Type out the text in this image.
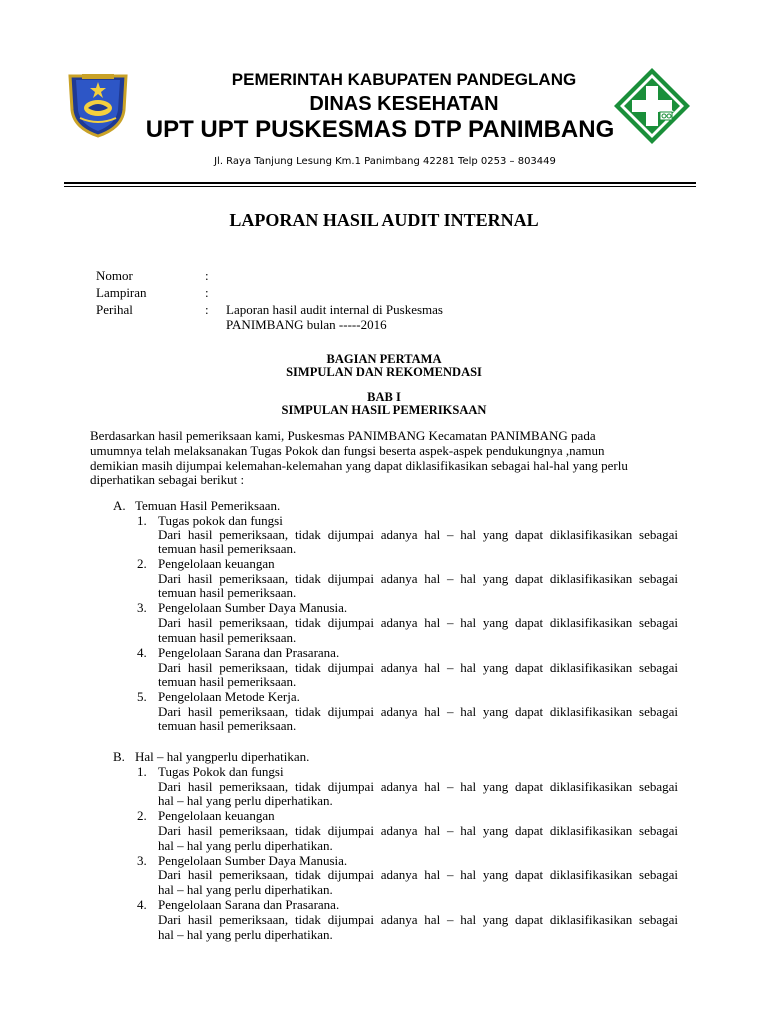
PEMERINTAH KABUPATEN PANDEGLANG
DINAS KESEHATAN
UPT UPT PUSKESMAS DTP PANIMBANG
Jl. Raya Tanjung Lesung Km.1 Panimbang 42281 Telp 0253 – 803449
LAPORAN HASIL AUDIT INTERNAL
Nomor	:
Lampiran	:
Perihal	: Laporan hasil audit internal di Puskesmas
PANIMBANG bulan -----2016
BAGIAN PERTAMA
SIMPULAN DAN REKOMENDASI
BAB I
SIMPULAN HASIL PEMERIKSAAN
Berdasarkan hasil pemeriksaan kami, Puskesmas PANIMBANG Kecamatan PANIMBANG pada
umumnya telah melaksanakan Tugas Pokok dan fungsi beserta aspek-aspek pendukungnya ,namun
demikian masih dijumpai kelemahan-kelemahan yang dapat diklasifikasikan sebagai hal-hal yang perlu
diperhatikan sebagai berikut :
A. Temuan Hasil Pemeriksaan.
1. Tugas pokok dan fungsi
Dari hasil pemeriksaan, tidak dijumpai adanya hal – hal yang dapat diklasifikasikan sebagai
temuan hasil pemeriksaan.
2. Pengelolaan keuangan
Dari hasil pemeriksaan, tidak dijumpai adanya hal – hal yang dapat diklasifikasikan sebagai
temuan hasil pemeriksaan.
3. Pengelolaan Sumber Daya Manusia.
Dari hasil pemeriksaan, tidak dijumpai adanya hal – hal yang dapat diklasifikasikan sebagai
temuan hasil pemeriksaan.
4. Pengelolaan Sarana dan Prasarana.
Dari hasil pemeriksaan, tidak dijumpai adanya hal – hal yang dapat diklasifikasikan sebagai
temuan hasil pemeriksaan.
5. Pengelolaan Metode Kerja.
Dari hasil pemeriksaan, tidak dijumpai adanya hal – hal yang dapat diklasifikasikan sebagai
temuan hasil pemeriksaan.
B. Hal – hal yangperlu diperhatikan.
1. Tugas Pokok dan fungsi
Dari hasil pemeriksaan, tidak dijumpai adanya hal – hal yang dapat diklasifikasikan sebagai
hal – hal yang perlu diperhatikan.
2. Pengelolaan keuangan
Dari hasil pemeriksaan, tidak dijumpai adanya hal – hal yang dapat diklasifikasikan sebagai
hal – hal yang perlu diperhatikan.
3. Pengelolaan Sumber Daya Manusia.
Dari hasil pemeriksaan, tidak dijumpai adanya hal – hal yang dapat diklasifikasikan sebagai
hal – hal yang perlu diperhatikan.
4. Pengelolaan Sarana dan Prasarana.
Dari hasil pemeriksaan, tidak dijumpai adanya hal – hal yang dapat diklasifikasikan sebagai
hal – hal yang perlu diperhatikan.
